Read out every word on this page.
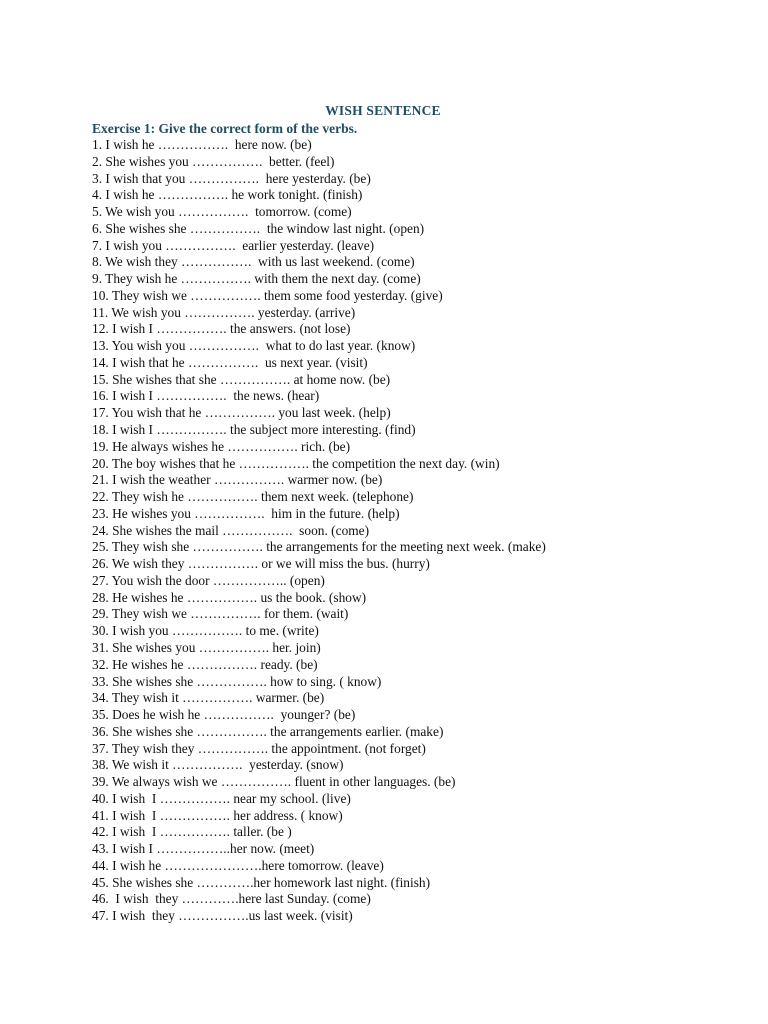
WISH SENTENCE
Exercise 1: Give the correct form of the verbs.
1. I wish he …………….  here now. (be)
2. She wishes you …………….  better. (feel)
3. I wish that you …………….  here yesterday. (be)
4. I wish he ……………. he work tonight. (finish)
5. We wish you …………….  tomorrow. (come)
6. She wishes she …………….  the window last night. (open)
7. I wish you …………….  earlier yesterday. (leave)
8. We wish they …………….  with us last weekend. (come)
9. They wish he ……………. with them the next day. (come)
10. They wish we ……………. them some food yesterday. (give)
11. We wish you ……………. yesterday. (arrive)
12. I wish I ……………. the answers. (not lose)
13. You wish you …………….  what to do last year. (know)
14. I wish that he …………….  us next year. (visit)
15. She wishes that she ……………. at home now. (be)
16. I wish I …………….  the news. (hear)
17. You wish that he ……………. you last week. (help)
18. I wish I ……………. the subject more interesting. (find)
19. He always wishes he ……………. rich. (be)
20. The boy wishes that he ……………. the competition the next day. (win)
21. I wish the weather ……………. warmer now. (be)
22. They wish he ……………. them next week. (telephone)
23. He wishes you …………….  him in the future. (help)
24. She wishes the mail …………….  soon. (come)
25. They wish she ……………. the arrangements for the meeting next week. (make)
26. We wish they ……………. or we will miss the bus. (hurry)
27. You wish the door …………….. (open)
28. He wishes he ……………. us the book. (show)
29. They wish we ……………. for them. (wait)
30. I wish you ……………. to me. (write)
31. She wishes you ……………. her. join)
32. He wishes he ……………. ready. (be)
33. She wishes she ……………. how to sing. ( know)
34. They wish it ……………. warmer. (be)
35. Does he wish he …………….  younger? (be)
36. She wishes she ……………. the arrangements earlier. (make)
37. They wish they ……………. the appointment. (not forget)
38. We wish it …………….  yesterday. (snow)
39. We always wish we ……………. fluent in other languages. (be)
40. I wish  I ……………. near my school. (live)
41. I wish  I ……………. her address. ( know)
42. I wish  I ……………. taller. (be )
43. I wish I ……………..her now. (meet)
44. I wish he ………………….here tomorrow. (leave)
45. She wishes she ………….her homework last night. (finish)
46.  I wish  they ………….here last Sunday. (come)
47. I wish  they …………….us last week. (visit)
